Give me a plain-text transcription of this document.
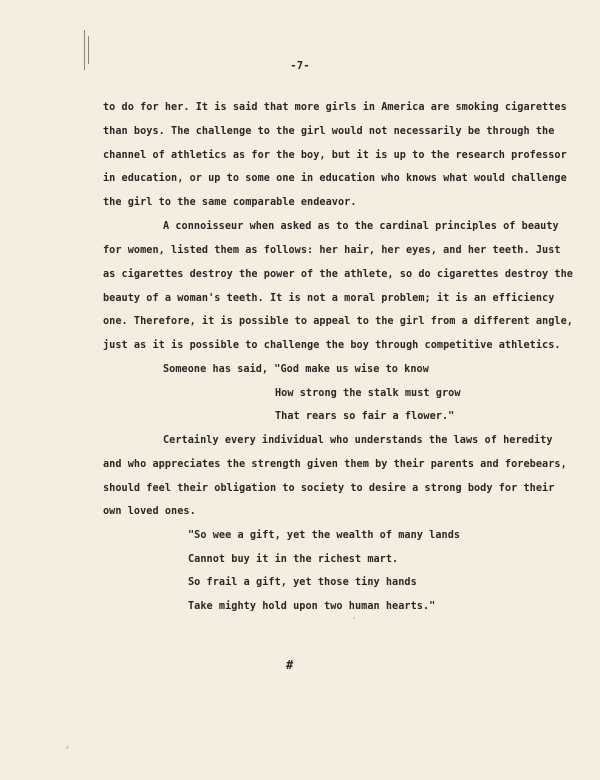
-7-
to do for her. It is said that more girls in America are smoking cigarettes
than boys. The challenge to the girl would not necessarily be through the
channel of athletics as for the boy, but it is up to the research professor
in education, or up to some one in education who knows what would challenge
the girl to the same comparable endeavor.
A connoisseur when asked as to the cardinal principles of beauty
for women, listed them as follows: her hair, her eyes, and her teeth. Just
as cigarettes destroy the power of the athlete, so do cigarettes destroy the
beauty of a woman's teeth. It is not a moral problem; it is an efficiency
one. Therefore, it is possible to appeal to the girl from a different angle,
just as it is possible to challenge the boy through competitive athletics.
Someone has said, "God make us wise to know
How strong the stalk must grow
That rears so fair a flower."
Certainly every individual who understands the laws of heredity
and who appreciates the strength given them by their parents and forebears,
should feel their obligation to society to desire a strong body for their
own loved ones.
"So wee a gift, yet the wealth of many lands
Cannot buy it in the richest mart.
So frail a gift, yet those tiny hands
Take mighty hold upon two human hearts."
#
